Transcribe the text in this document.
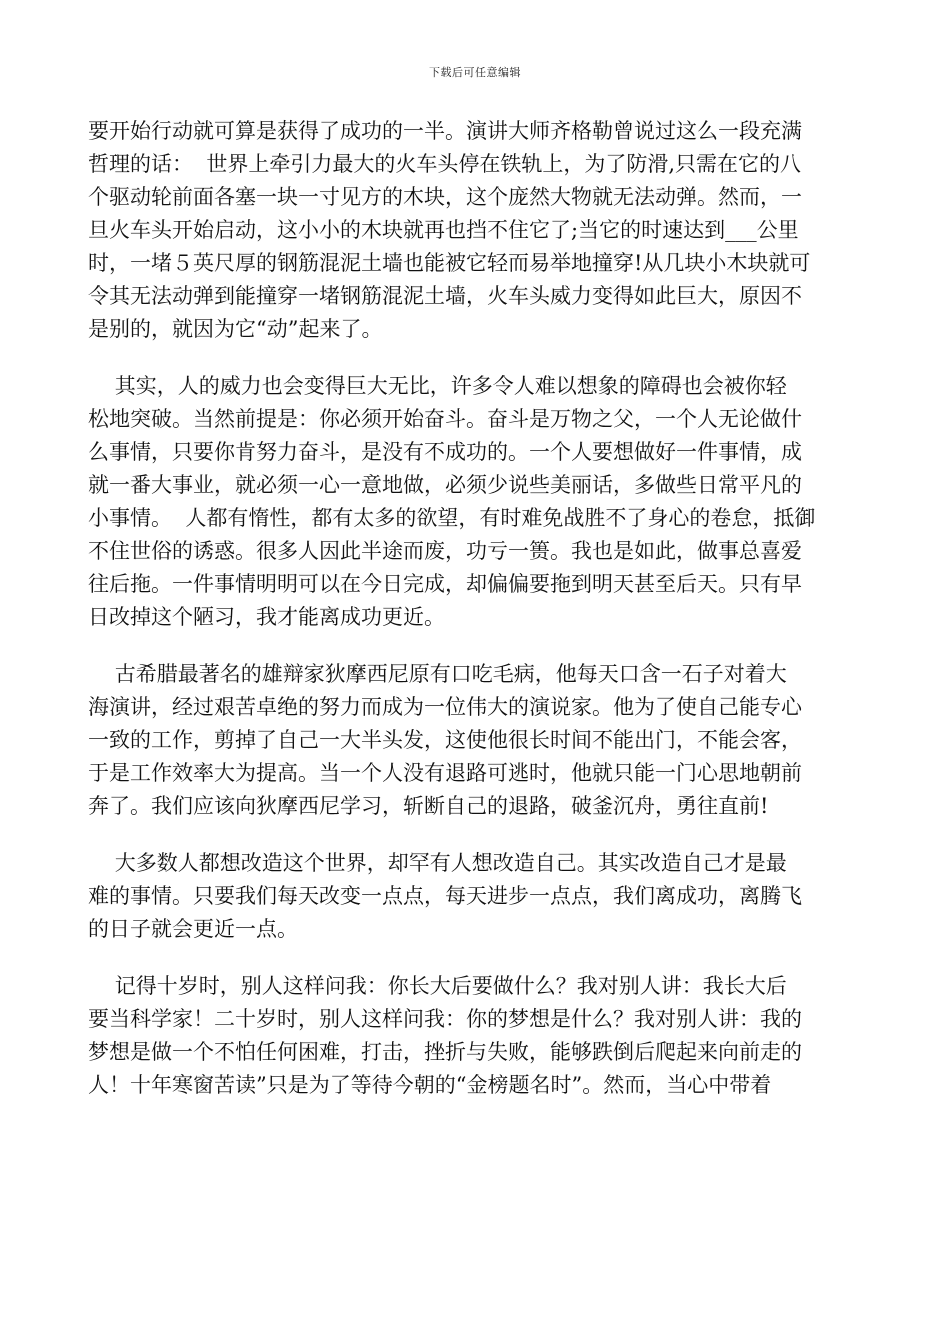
下载后可任意编辑
要开始行动就可算是获得了成功的一半。演讲大师齐格勒曾说过这么一段充满
哲理的话：  世界上牵引力最大的火车头停在铁轨上，为了防滑,只需在它的八
个驱动轮前面各塞一块一寸见方的木块，这个庞然大物就无法动弹。然而，一
旦火车头开始启动，这小小的木块就再也挡不住它了;当它的时速达到___公里
时，一堵５英尺厚的钢筋混泥土墙也能被它轻而易举地撞穿!从几块小木块就可
令其无法动弹到能撞穿一堵钢筋混泥土墙，火车头威力变得如此巨大，原因不
是别的，就因为它“动”起来了。
其实，人的威力也会变得巨大无比，许多令人难以想象的障碍也会被你轻
松地突破。当然前提是：你必须开始奋斗。奋斗是万物之父，一个人无论做什
么事情，只要你肯努力奋斗，是没有不成功的。一个人要想做好一件事情，成
就一番大事业，就必须一心一意地做，必须少说些美丽话，多做些日常平凡的
小事情。  人都有惰性，都有太多的欲望，有时难免战胜不了身心的卷怠，抵御
不住世俗的诱惑。很多人因此半途而废，功亏一篑。我也是如此，做事总喜爱
往后拖。一件事情明明可以在今日完成，却偏偏要拖到明天甚至后天。只有早
日改掉这个陋习，我才能离成功更近。
古希腊最著名的雄辩家狄摩西尼原有口吃毛病，他每天口含一石子对着大
海演讲，经过艰苦卓绝的努力而成为一位伟大的演说家。他为了使自己能专心
一致的工作，剪掉了自己一大半头发，这使他很长时间不能出门，不能会客，
于是工作效率大为提高。当一个人没有退路可逃时，他就只能一门心思地朝前
奔了。我们应该向狄摩西尼学习，斩断自己的退路，破釜沉舟，勇往直前!
大多数人都想改造这个世界，却罕有人想改造自己。其实改造自己才是最
难的事情。只要我们每天改变一点点，每天进步一点点，我们离成功，离腾飞
的日子就会更近一点。
记得十岁时，别人这样问我：你长大后要做什么？我对别人讲：我长大后
要当科学家！二十岁时，别人这样问我：你的梦想是什么？我对别人讲：我的
梦想是做一个不怕任何困难，打击，挫折与失败，能够跌倒后爬起来向前走的
人！十年寒窗苦读”只是为了等待今朝的“金榜题名时”。然而，当心中带着
